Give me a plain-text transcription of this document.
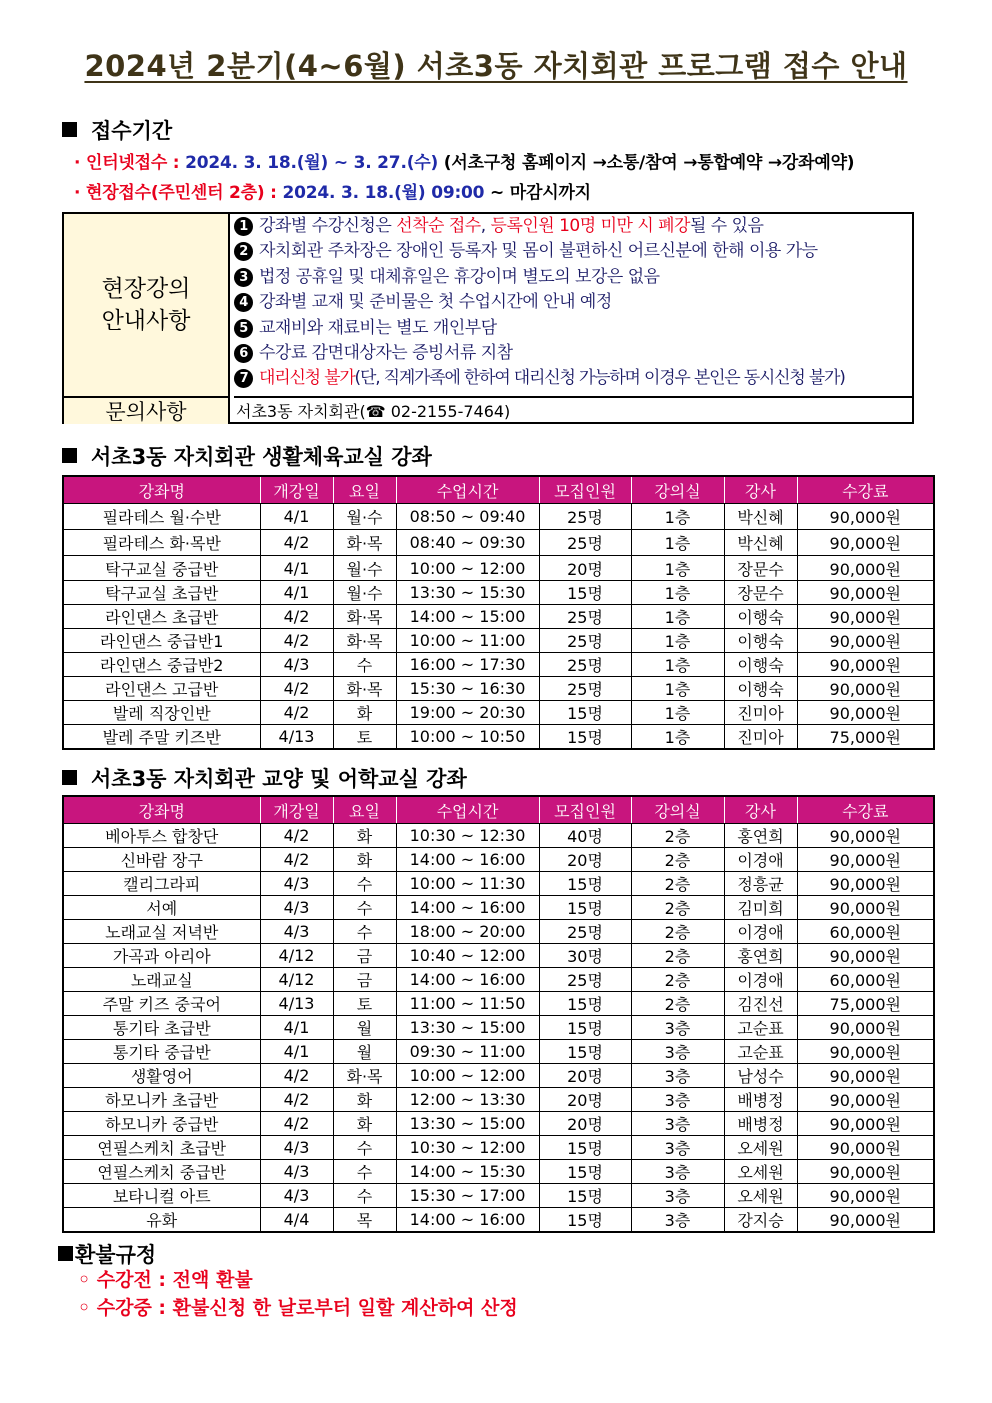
2024년 2분기(4~6월) 서초3동 자치회관 프로그램 접수 안내
접수기간
· 인터넷접수 : 2024. 3. 18.(월) ~ 3. 27.(수) (서초구청 홈페이지 →소통/참여 →통합예약 →강좌예약)
· 현장접수(주민센터 2층) : 2024. 3. 18.(월) 09:00 ~ 마감시까지
현장강의
안내사항
1 강좌별 수강신청은 선착순 접수, 등록인원 10명 미만 시 폐강될 수 있음
2 자치회관 주차장은 장애인 등록자 및 몸이 불편하신 어르신분에 한해 이용 가능
3 법정 공휴일 및 대체휴일은 휴강이며 별도의 보강은 없음
4 강좌별 교재 및 준비물은 첫 수업시간에 안내 예정
5 교재비와 재료비는 별도 개인부담
6 수강료 감면대상자는 증빙서류 지참
7 대리신청 불가(단, 직계가족에 한하여 대리신청 가능하며 이경우 본인은 동시신청 불가)
문의사항	서초3동 자치회관(☎ 02-2155-7464)
서초3동 자치회관 생활체육교실 강좌
강좌명	개강일	요일	수업시간	모집인원	강의실	강사	수강료
필라테스 월·수반	4/1	월·수	08:50 ~ 09:40	25명	1층	박신혜	90,000원
필라테스 화·목반	4/2	화·목	08:40 ~ 09:30	25명	1층	박신혜	90,000원
탁구교실 중급반	4/1	월·수	10:00 ~ 12:00	20명	1층	장문수	90,000원
탁구교실 초급반	4/1	월·수	13:30 ~ 15:30	15명	1층	장문수	90,000원
라인댄스 초급반	4/2	화·목	14:00 ~ 15:00	25명	1층	이행숙	90,000원
라인댄스 중급반1	4/2	화·목	10:00 ~ 11:00	25명	1층	이행숙	90,000원
라인댄스 중급반2	4/3	수	16:00 ~ 17:30	25명	1층	이행숙	90,000원
라인댄스 고급반	4/2	화·목	15:30 ~ 16:30	25명	1층	이행숙	90,000원
발레 직장인반	4/2	화	19:00 ~ 20:30	15명	1층	진미아	90,000원
발레 주말 키즈반	4/13	토	10:00 ~ 10:50	15명	1층	진미아	75,000원
서초3동 자치회관 교양 및 어학교실 강좌
강좌명	개강일	요일	수업시간	모집인원	강의실	강사	수강료
베아투스 합창단	4/2	화	10:30 ~ 12:30	40명	2층	홍연희	90,000원
신바람 장구	4/2	화	14:00 ~ 16:00	20명	2층	이경애	90,000원
캘리그라피	4/3	수	10:00 ~ 11:30	15명	2층	정흥균	90,000원
서예	4/3	수	14:00 ~ 16:00	15명	2층	김미희	90,000원
노래교실 저녁반	4/3	수	18:00 ~ 20:00	25명	2층	이경애	60,000원
가곡과 아리아	4/12	금	10:40 ~ 12:00	30명	2층	홍연희	90,000원
노래교실	4/12	금	14:00 ~ 16:00	25명	2층	이경애	60,000원
주말 키즈 중국어	4/13	토	11:00 ~ 11:50	15명	2층	김진선	75,000원
통기타 초급반	4/1	월	13:30 ~ 15:00	15명	3층	고순표	90,000원
통기타 중급반	4/1	월	09:30 ~ 11:00	15명	3층	고순표	90,000원
생활영어	4/2	화·목	10:00 ~ 12:00	20명	3층	남성수	90,000원
하모니카 초급반	4/2	화	12:00 ~ 13:30	20명	3층	배병정	90,000원
하모니카 중급반	4/2	화	13:30 ~ 15:00	20명	3층	배병정	90,000원
연필스케치 초급반	4/3	수	10:30 ~ 12:00	15명	3층	오세원	90,000원
연필스케치 중급반	4/3	수	14:00 ~ 15:30	15명	3층	오세원	90,000원
보타니컬 아트	4/3	수	15:30 ~ 17:00	15명	3층	오세원	90,000원
유화	4/4	목	14:00 ~ 16:00	15명	3층	강지승	90,000원
환불규정
◦ 수강전 : 전액 환불
◦ 수강중 : 환불신청 한 날로부터 일할 계산하여 산정
